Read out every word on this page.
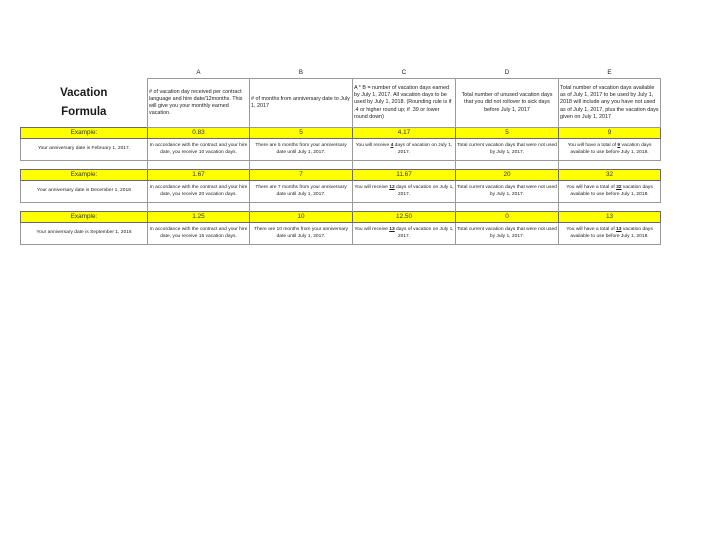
	A	B	C	D	E

Vacation
Formula	# of vacation day received per contract language and hire date/12months. This will give you your monthly earned vacation.	# of months from anniversary date to July 1, 2017	A * B = number of vacation days earned by July 1, 2017. All vacation days to be used by July 1, 2018. (Rounding rule is if .4 or higher round up; if .39 or lower round down)	Total number of unused vacation days that you did not rollover to sick days before July 1, 2017	Total number of vacation days available as of July 1, 2017 to be used by July 1, 2018 will include any you have not used as of July 1, 2017, plus the vacation days given on July 1, 2017
Example:	0.83	5	4.17	5	9
Your anniversary date is February 1, 2017.	In accordance with the contract and your hire date, you receive 10 vacation days.	There are 5 months from your anniversary date until July 1, 2017.	You will receive 4 days of vacation on July 1, 2017.	Total current vacation days that were not used by July 1, 2017.	You will have a total of 9 vacation days available to use before July 1, 2018.

Example:	1.67	7	11.67	20	32
Your anniversary date is December 1, 2016	In accordance with the contract and your hire date, you receive 20 vacation days.	There are 7 months from your anniversary date until July 1, 2017.	You will receive 12 days of vacation on July 1, 2017.	Total current vacation days that were not used by July 1, 2017.	You will have a total of 32 vacation days available to use before July 1, 2018.

Example:	1.25	10	12.50	0	13
Your anniversary date is September 1, 2016	In accordance with the contract and your hire date, you receive 15 vacation days.	There are 10 months from your anniversary date until July 1, 2017.	You will receive 13 days of vacation on July 1, 2017.	Total current vacation days that were not used by July 1, 2017.	You will have a total of 13 vacation days available to use before July 1, 2018.
